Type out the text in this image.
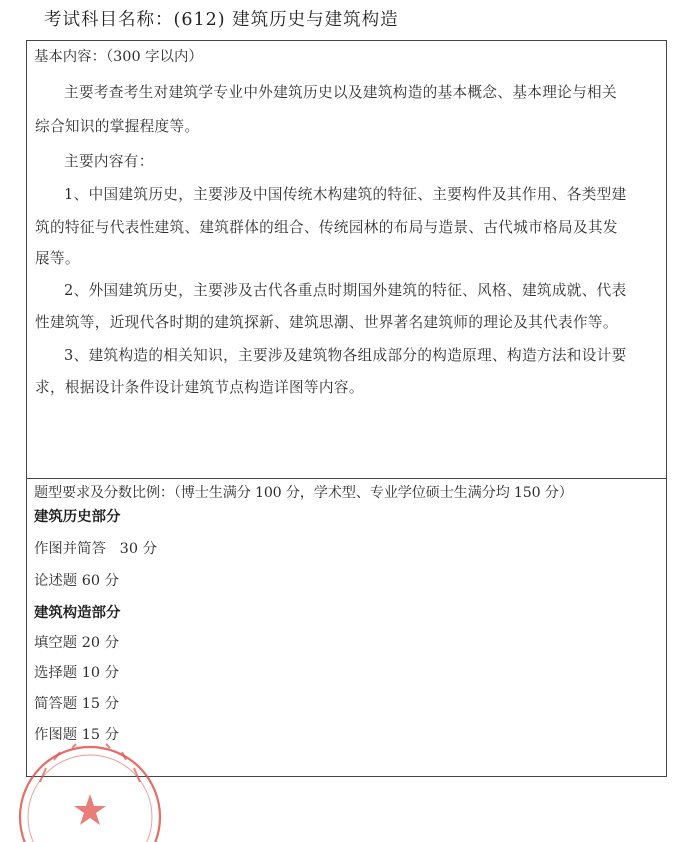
考试科目名称：(612) 建筑历史与建筑构造
基本内容：（300 字以内）
主要考查考生对建筑学专业中外建筑历史以及建筑构造的基本概念、基本理论与相关
综合知识的掌握程度等。
主要内容有：
1、中国建筑历史，主要涉及中国传统木构建筑的特征、主要构件及其作用、各类型建
筑的特征与代表性建筑、建筑群体的组合、传统园林的布局与造景、古代城市格局及其发
展等。
2、外国建筑历史，主要涉及古代各重点时期国外建筑的特征、风格、建筑成就、代表
性建筑等，近现代各时期的建筑探新、建筑思潮、世界著名建筑师的理论及其代表作等。
3、建筑构造的相关知识，主要涉及建筑物各组成部分的构造原理、构造方法和设计要
求，根据设计条件设计建筑节点构造详图等内容。
题型要求及分数比例：（博士生满分 100 分，学术型、专业学位硕士生满分均 150 分）
建筑历史部分
作图并简答   30 分
论述题 60 分
建筑构造部分
填空题 20 分
选择题 10 分
简答题 15 分
作图题 15 分
